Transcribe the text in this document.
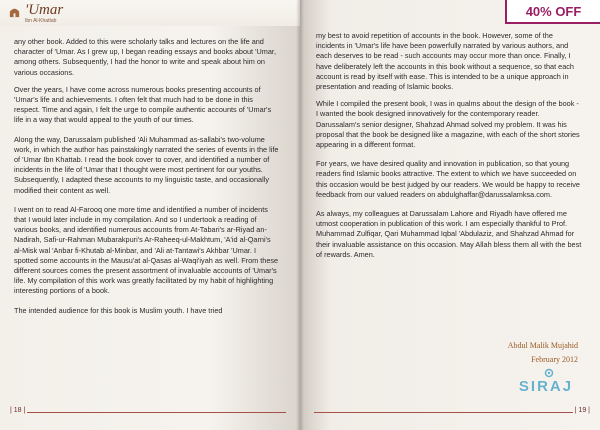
'Umar
Ibn Al-Khattab

any other book. Added to this were scholarly talks and lectures on the life and character of 'Umar. As I grew up, I began reading essays and books about 'Umar, among others. Subsequently, I had the honor to write and speak about him on various occasions.

Over the years, I have come across numerous books presenting accounts of 'Umar's life and achievements. I often felt that much had to be done in this respect. Time and again, I felt the urge to compile authentic accounts of 'Umar's life in a way that would appeal to the youth of our times.

Along the way, Darussalam published 'Ali Muhammad as-sallabi's two-volume work, in which the author has painstakingly narrated the series of events in the life of 'Umar Ibn Khattab. I read the book cover to cover, and identified a number of incidents in the life of 'Umar that I thought were most pertinent for our youths. Subsequently, I adapted these accounts to my linguistic taste, and occasionally modified their content as well.

I went on to read Al-Farooq one more time and identified a number of incidents that I would later include in my compilation. And so I undertook a reading of various books, and identified numerous accounts from At-Tabari's ar-Riyad an-Nadirah, Safi-ur-Rahman Mubarakpuri's Ar-Raheeq-ul-Makhtum, 'A'id al-Qarni's al-Misk wal 'Anbar fi-Khutab al-Minbar, and 'Ali at-Tantawi's Akhbar 'Umar. I spotted some accounts in the Mausu'at al-Qasas al-Waqi'iyah as well. From these different sources comes the present assortment of invaluable accounts of 'Umar's life. My compilation of this work was greatly facilitated by my habit of highlighting interesting portions of a book.

The intended audience for this book is Muslim youth. I have tried

| 18 |

my best to avoid repetition of accounts in the book. However, some of the incidents in 'Umar's life have been powerfully narrated by various authors, and each deserves to be read - such accounts may occur more than once. Finally, I have deliberately left the accounts in this book without a sequence, so that each account is read by itself with ease. This is intended to be a unique approach in presentation and reading of Islamic books.

While I compiled the present book, I was in qualms about the design of the book - I wanted the book designed innovatively for the contemporary reader. Darussalam's senior designer, Shahzad Ahmad solved my problem. It was his proposal that the book be designed like a magazine, with each of the short stories appearing in a different format.

For years, we have desired quality and innovation in publication, so that young readers find Islamic books attractive. The extent to which we have succeeded on this occasion would be best judged by our readers. We would be happy to receive feedback from our valued readers on abdulghaffar@darussalamksa.com.

As always, my colleagues at Darussalam Lahore and Riyadh have offered me utmost cooperation in publication of this work. I am especially thankful to Prof. Muhammad Zulfiqar, Qari Muhammad Iqbal 'Abdulaziz, and Shahzad Ahmad for their invaluable assistance on this occasion. May Allah bless them all with the best of rewards. Amen.

Abdul Malik Mujahid
February 2012
| 19 |
40% OFF
SIRAJ
